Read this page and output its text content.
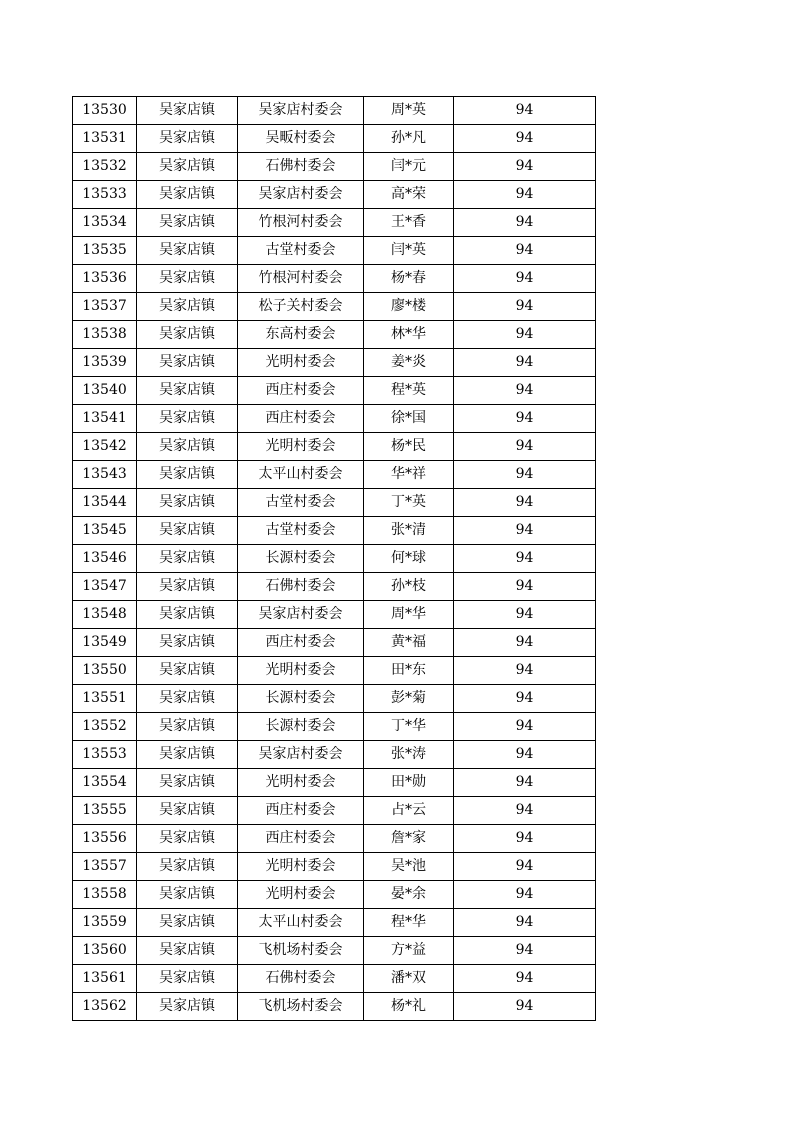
13530	吴家店镇	吴家店村委会	周*英	94
13531	吴家店镇	吴畈村委会	孙*凡	94
13532	吴家店镇	石佛村委会	闫*元	94
13533	吴家店镇	吴家店村委会	高*荣	94
13534	吴家店镇	竹根河村委会	王*香	94
13535	吴家店镇	古堂村委会	闫*英	94
13536	吴家店镇	竹根河村委会	杨*春	94
13537	吴家店镇	松子关村委会	廖*楼	94
13538	吴家店镇	东高村委会	林*华	94
13539	吴家店镇	光明村委会	姜*炎	94
13540	吴家店镇	西庄村委会	程*英	94
13541	吴家店镇	西庄村委会	徐*国	94
13542	吴家店镇	光明村委会	杨*民	94
13543	吴家店镇	太平山村委会	华*祥	94
13544	吴家店镇	古堂村委会	丁*英	94
13545	吴家店镇	古堂村委会	张*清	94
13546	吴家店镇	长源村委会	何*球	94
13547	吴家店镇	石佛村委会	孙*枝	94
13548	吴家店镇	吴家店村委会	周*华	94
13549	吴家店镇	西庄村委会	黄*福	94
13550	吴家店镇	光明村委会	田*东	94
13551	吴家店镇	长源村委会	彭*菊	94
13552	吴家店镇	长源村委会	丁*华	94
13553	吴家店镇	吴家店村委会	张*涛	94
13554	吴家店镇	光明村委会	田*勋	94
13555	吴家店镇	西庄村委会	占*云	94
13556	吴家店镇	西庄村委会	詹*家	94
13557	吴家店镇	光明村委会	吴*池	94
13558	吴家店镇	光明村委会	晏*余	94
13559	吴家店镇	太平山村委会	程*华	94
13560	吴家店镇	飞机场村委会	方*益	94
13561	吴家店镇	石佛村委会	潘*双	94
13562	吴家店镇	飞机场村委会	杨*礼	94
